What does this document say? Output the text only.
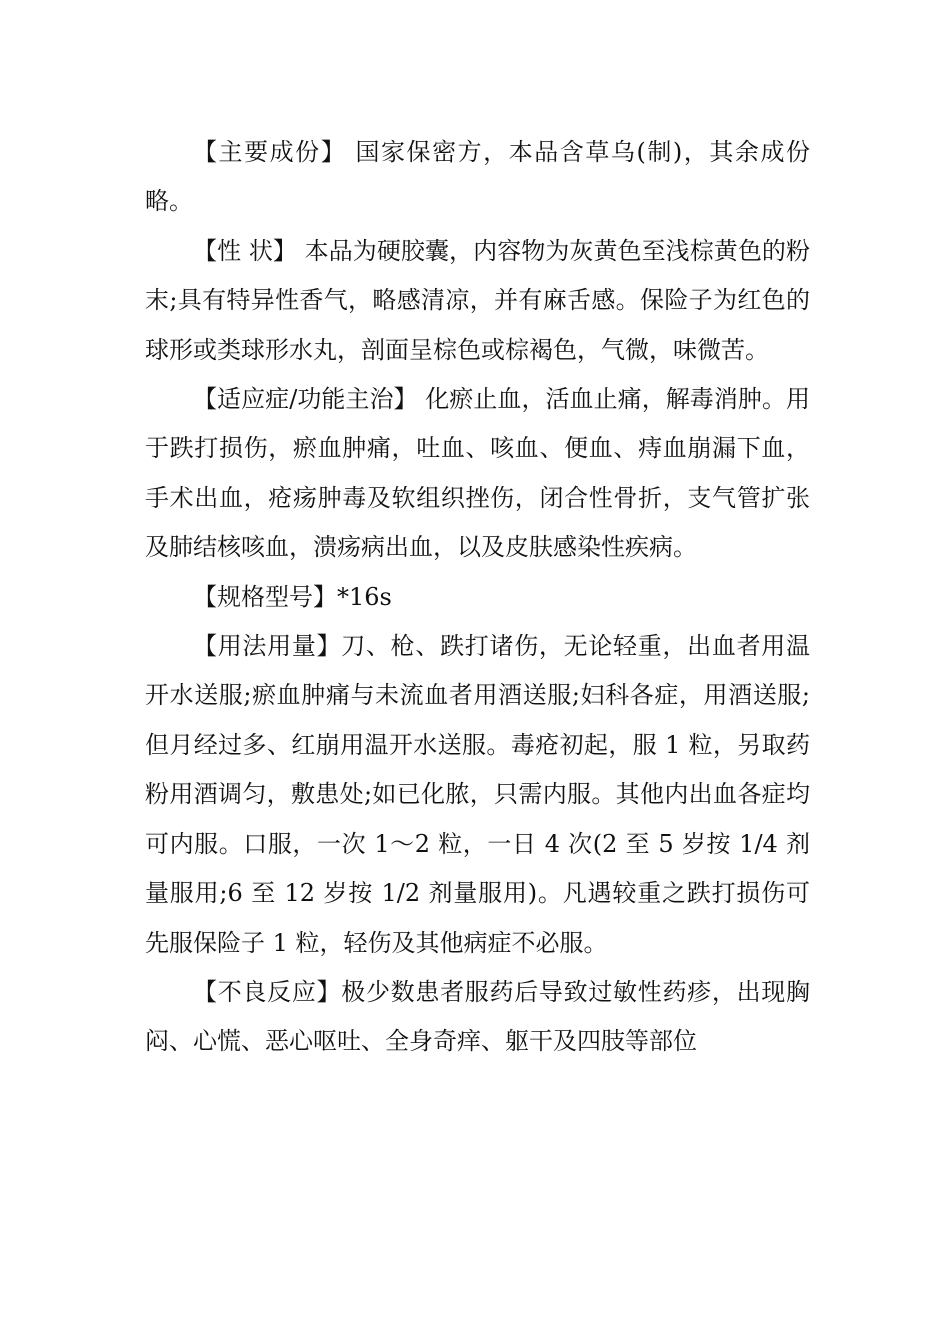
【主要成份】 国家保密方，本品含草乌(制)，其余成份略。

【性 状】 本品为硬胶囊，内容物为灰黄色至浅棕黄色的粉末;具有特异性香气，略感清凉，并有麻舌感。保险子为红色的球形或类球形水丸，剖面呈棕色或棕褐色，气微，味微苦。

【适应症/功能主治】 化瘀止血，活血止痛，解毒消肿。用于跌打损伤，瘀血肿痛，吐血、咳血、便血、痔血崩漏下血，手术出血，疮疡肿毒及软组织挫伤，闭合性骨折，支气管扩张及肺结核咳血，溃疡病出血，以及皮肤感染性疾病。

【规格型号】*16s

【用法用量】刀、枪、跌打诸伤，无论轻重，出血者用温开水送服;瘀血肿痛与未流血者用酒送服;妇科各症，用酒送服;但月经过多、红崩用温开水送服。毒疮初起，服 1 粒，另取药粉用酒调匀，敷患处;如已化脓，只需内服。其他内出血各症均可内服。口服，一次 1～2 粒，一日 4 次(2 至 5 岁按 1/4 剂量服用;6 至 12 岁按 1/2 剂量服用)。凡遇较重之跌打损伤可先服保险子 1 粒，轻伤及其他病症不必服。

【不良反应】极少数患者服药后导致过敏性药疹，出现胸闷、心慌、恶心呕吐、全身奇痒、躯干及四肢等部位
